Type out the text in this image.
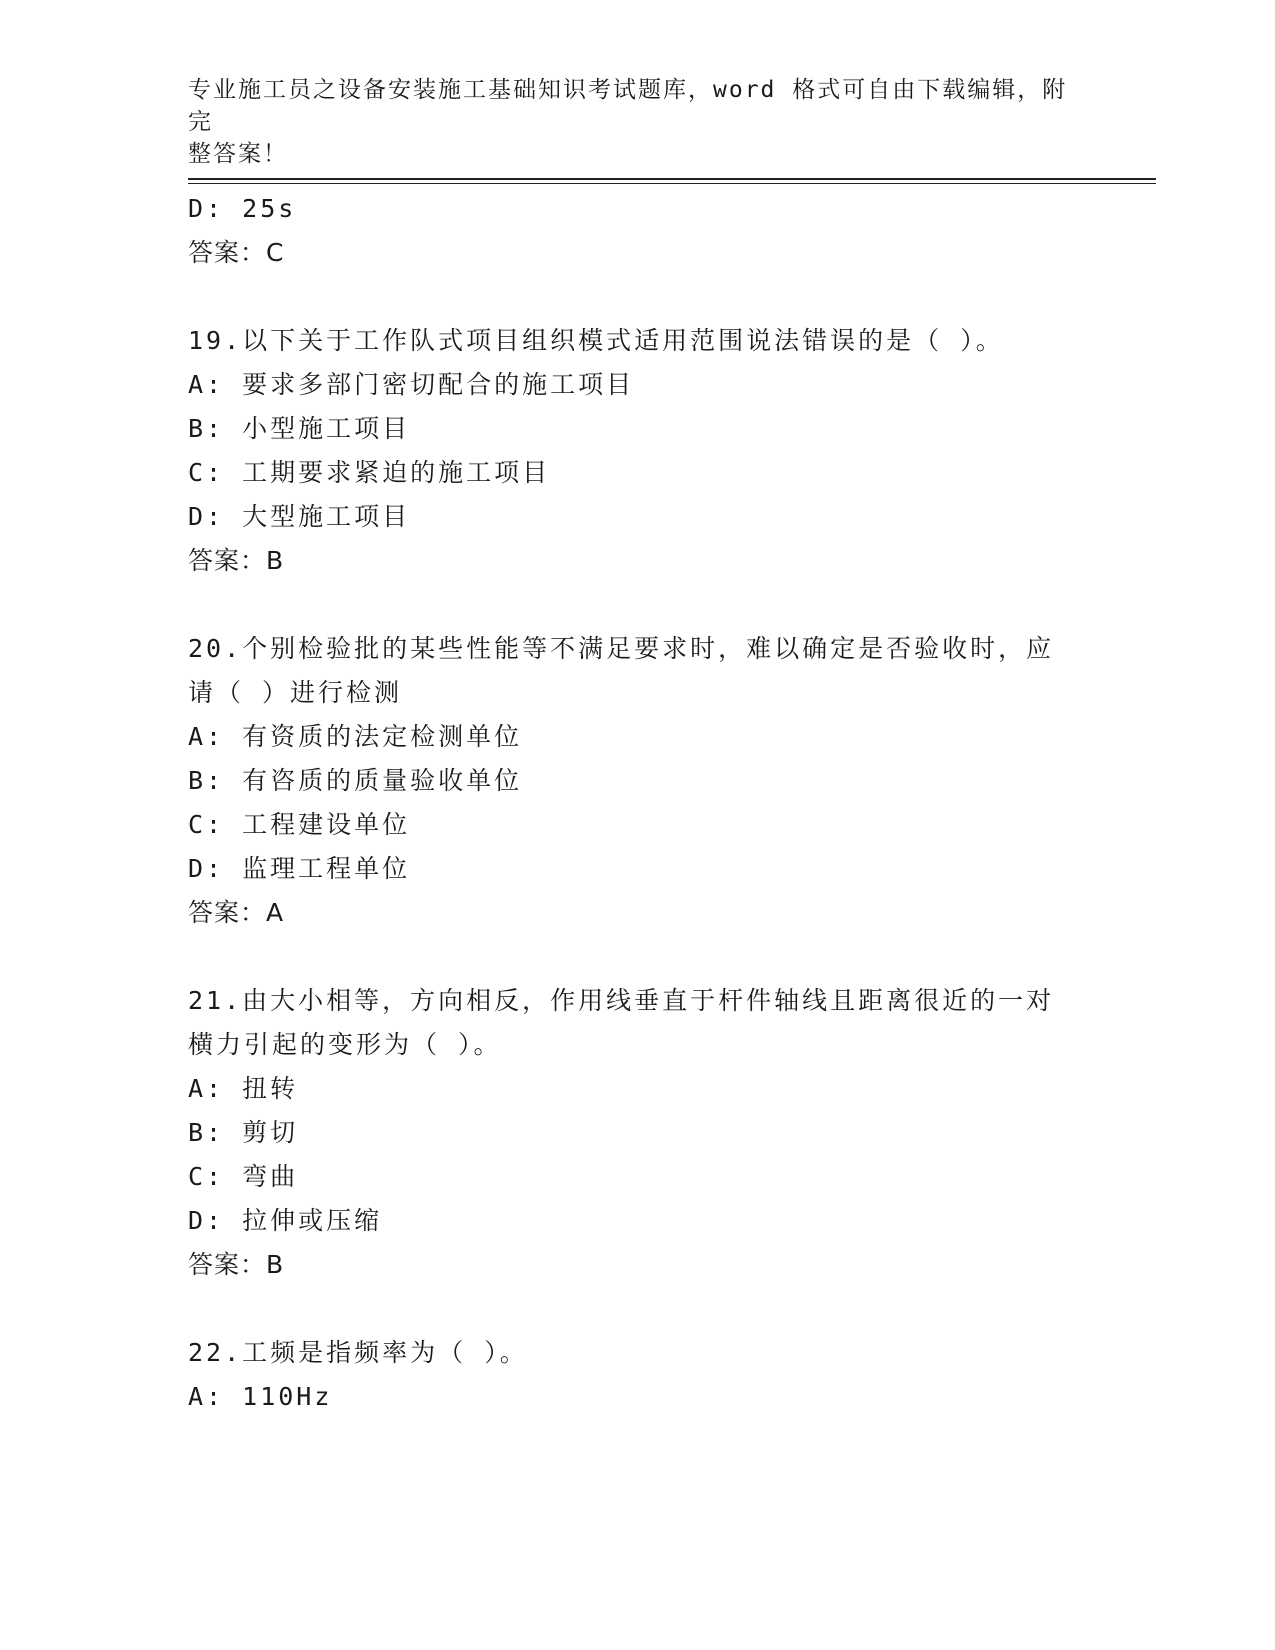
专业施工员之设备安装施工基础知识考试题库，word 格式可自由下载编辑，附完
整答案！
D: 25s
答案：C
19.以下关于工作队式项目组织模式适用范围说法错误的是（ ）。
A: 要求多部门密切配合的施工项目
B: 小型施工项目
C: 工期要求紧迫的施工项目
D: 大型施工项目
答案：B
20.个别检验批的某些性能等不满足要求时，难以确定是否验收时，应
请（ ）进行检测
A: 有资质的法定检测单位
B: 有咨质的质量验收单位
C: 工程建设单位
D: 监理工程单位
答案：A
21.由大小相等，方向相反，作用线垂直于杆件轴线且距离很近的一对
横力引起的变形为（ ）。
A: 扭转
B: 剪切
C: 弯曲
D: 拉伸或压缩
答案：B
22.工频是指频率为（ ）。
A: 110Hz
